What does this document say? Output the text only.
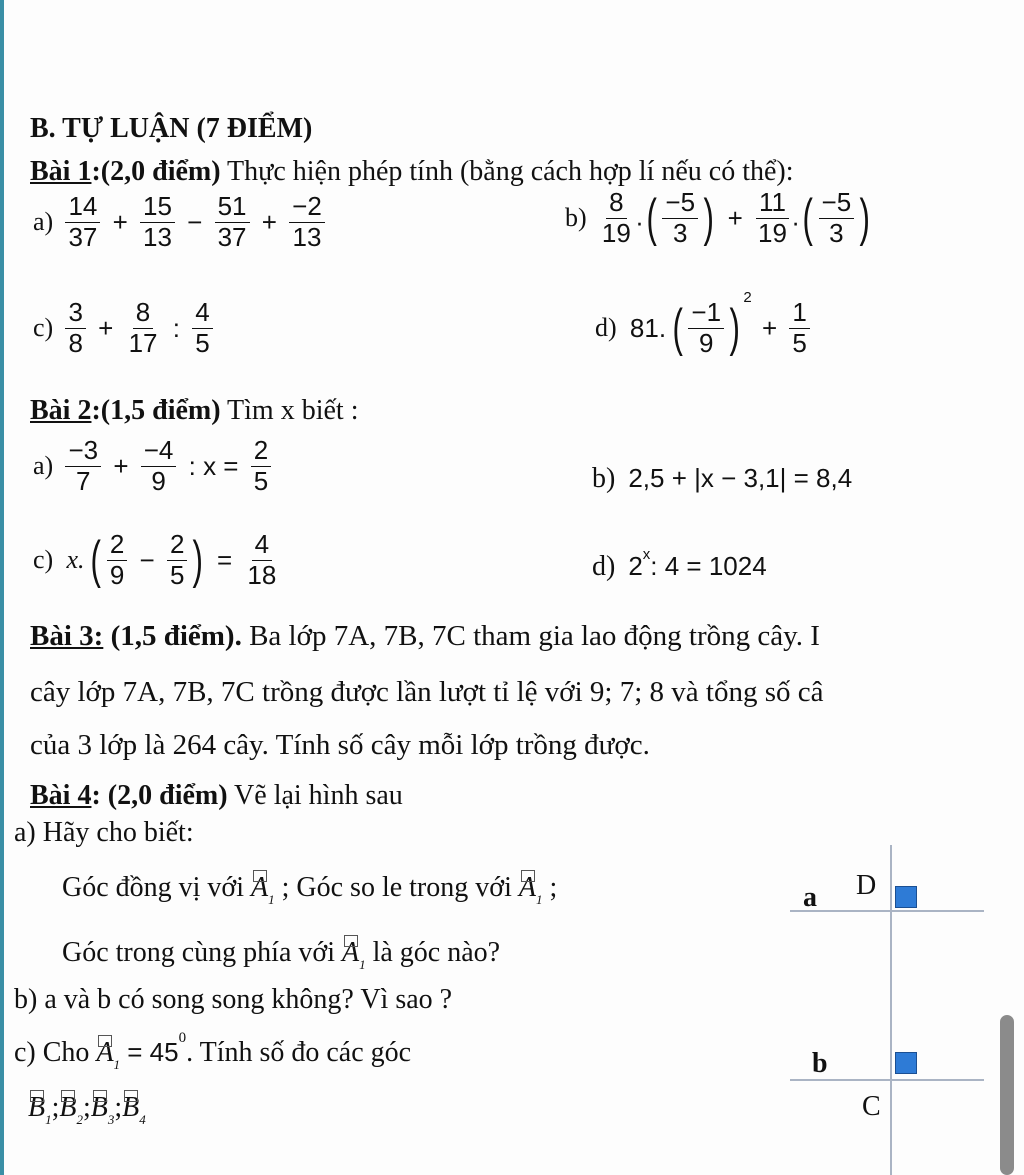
B. TỰ LUẬN (7 ĐIỂM)
Bài 1:(2,0 điểm) Thực hiện phép tính (bằng cách hợp lí nếu có thể):
$a) \frac{14}{37} + \frac{15}{13} - \frac{51}{37} + \frac{-2}{13}$	$b) \frac{8}{19}$ .( $\frac{-5}{3}$ ) + $\frac{11}{19}$ .( $\frac{-5}{3}$ )
$c) \frac{3}{8} + \frac{8}{17}$ : $\frac{4}{5}$	d) 81. ( $\frac{-1}{9} )^2 + \frac{1}{5}$
Bài 2:(1,5 điểm) Tìm x biết :
$a) \frac{-3}{7} + \frac{-4}{9}$ : $x = \frac{2}{5}$	b) 2,5 + |x − 3,1| = 8,4
c) x. ( $\frac{2}{9} - \frac{2}{5}$ ) = $\frac{4}{18}$	d) 2$^x$: 4 = 1024
Bài 3: (1,5 điểm). Ba lớp 7A, 7B, 7C tham gia lao động trồng cây. I
cây lớp 7A, 7B, 7C trồng được lần lượt tỉ lệ với 9; 7; 8 và tổng số câ
của 3 lớp là 264 cây. Tính số cây mỗi lớp trồng được.
Bài 4: (2,0 điểm) Vẽ lại hình sau
a) Hãy cho biết:
Góc đồng vị với
A1 ; Góc so le trong với
A1 ;
Góc trong cùng phía với
A1 là góc nào?
b) a và b có song song không? Vì sao ?
c) Cho
$A1 = 45^0$. Tính số đo các góc
B1;
B2;
B3;
B4
a D
b
C
